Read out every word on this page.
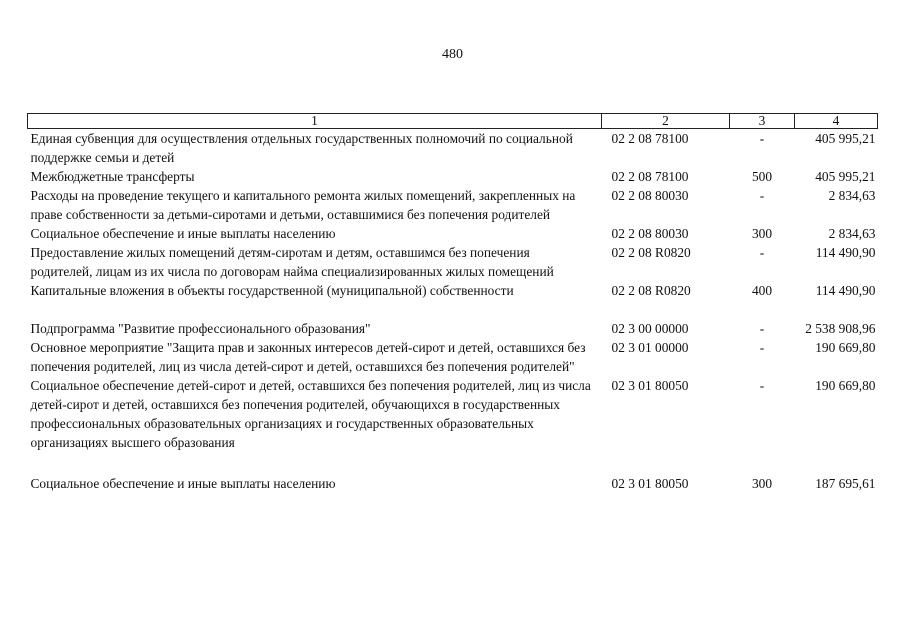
480
1	2	3	4
Единая субвенция для осуществления отдельных государственных полномочий по социальной поддержке семьи и детей	02 2 08 78100	-	405 995,21
Межбюджетные трансферты	02 2 08 78100	500	405 995,21
Расходы на проведение текущего и капитального ремонта жилых помещений, закрепленных на праве собственности за детьми-сиротами и детьми, оставшимися без попечения родителей	02 2 08 80030	-	2 834,63
Социальное обеспечение и иные выплаты населению	02 2 08 80030	300	2 834,63
Предоставление жилых помещений детям-сиротам и детям, оставшимся без попечения родителей, лицам из их числа по договорам найма специализированных жилых помещений	02 2 08 R0820	-	114 490,90
Капитальные вложения в объекты государственной (муниципальной) собственности	02 2 08 R0820	400	114 490,90
Подпрограмма "Развитие профессионального образования"	02 3 00 00000	-	2 538 908,96
Основное мероприятие "Защита прав и законных интересов детей-сирот и детей, оставшихся без попечения родителей, лиц из числа детей-сирот и детей, оставшихся без попечения родителей"	02 3 01 00000	-	190 669,80
Социальное обеспечение детей-сирот и детей, оставшихся без попечения родителей, лиц из числа детей-сирот и детей, оставшихся без попечения родителей, обучающихся в государственных профессиональных образовательных организациях и государственных образовательных организациях высшего образования	02 3 01 80050	-	190 669,80
Социальное обеспечение и иные выплаты населению	02 3 01 80050	300	187 695,61
